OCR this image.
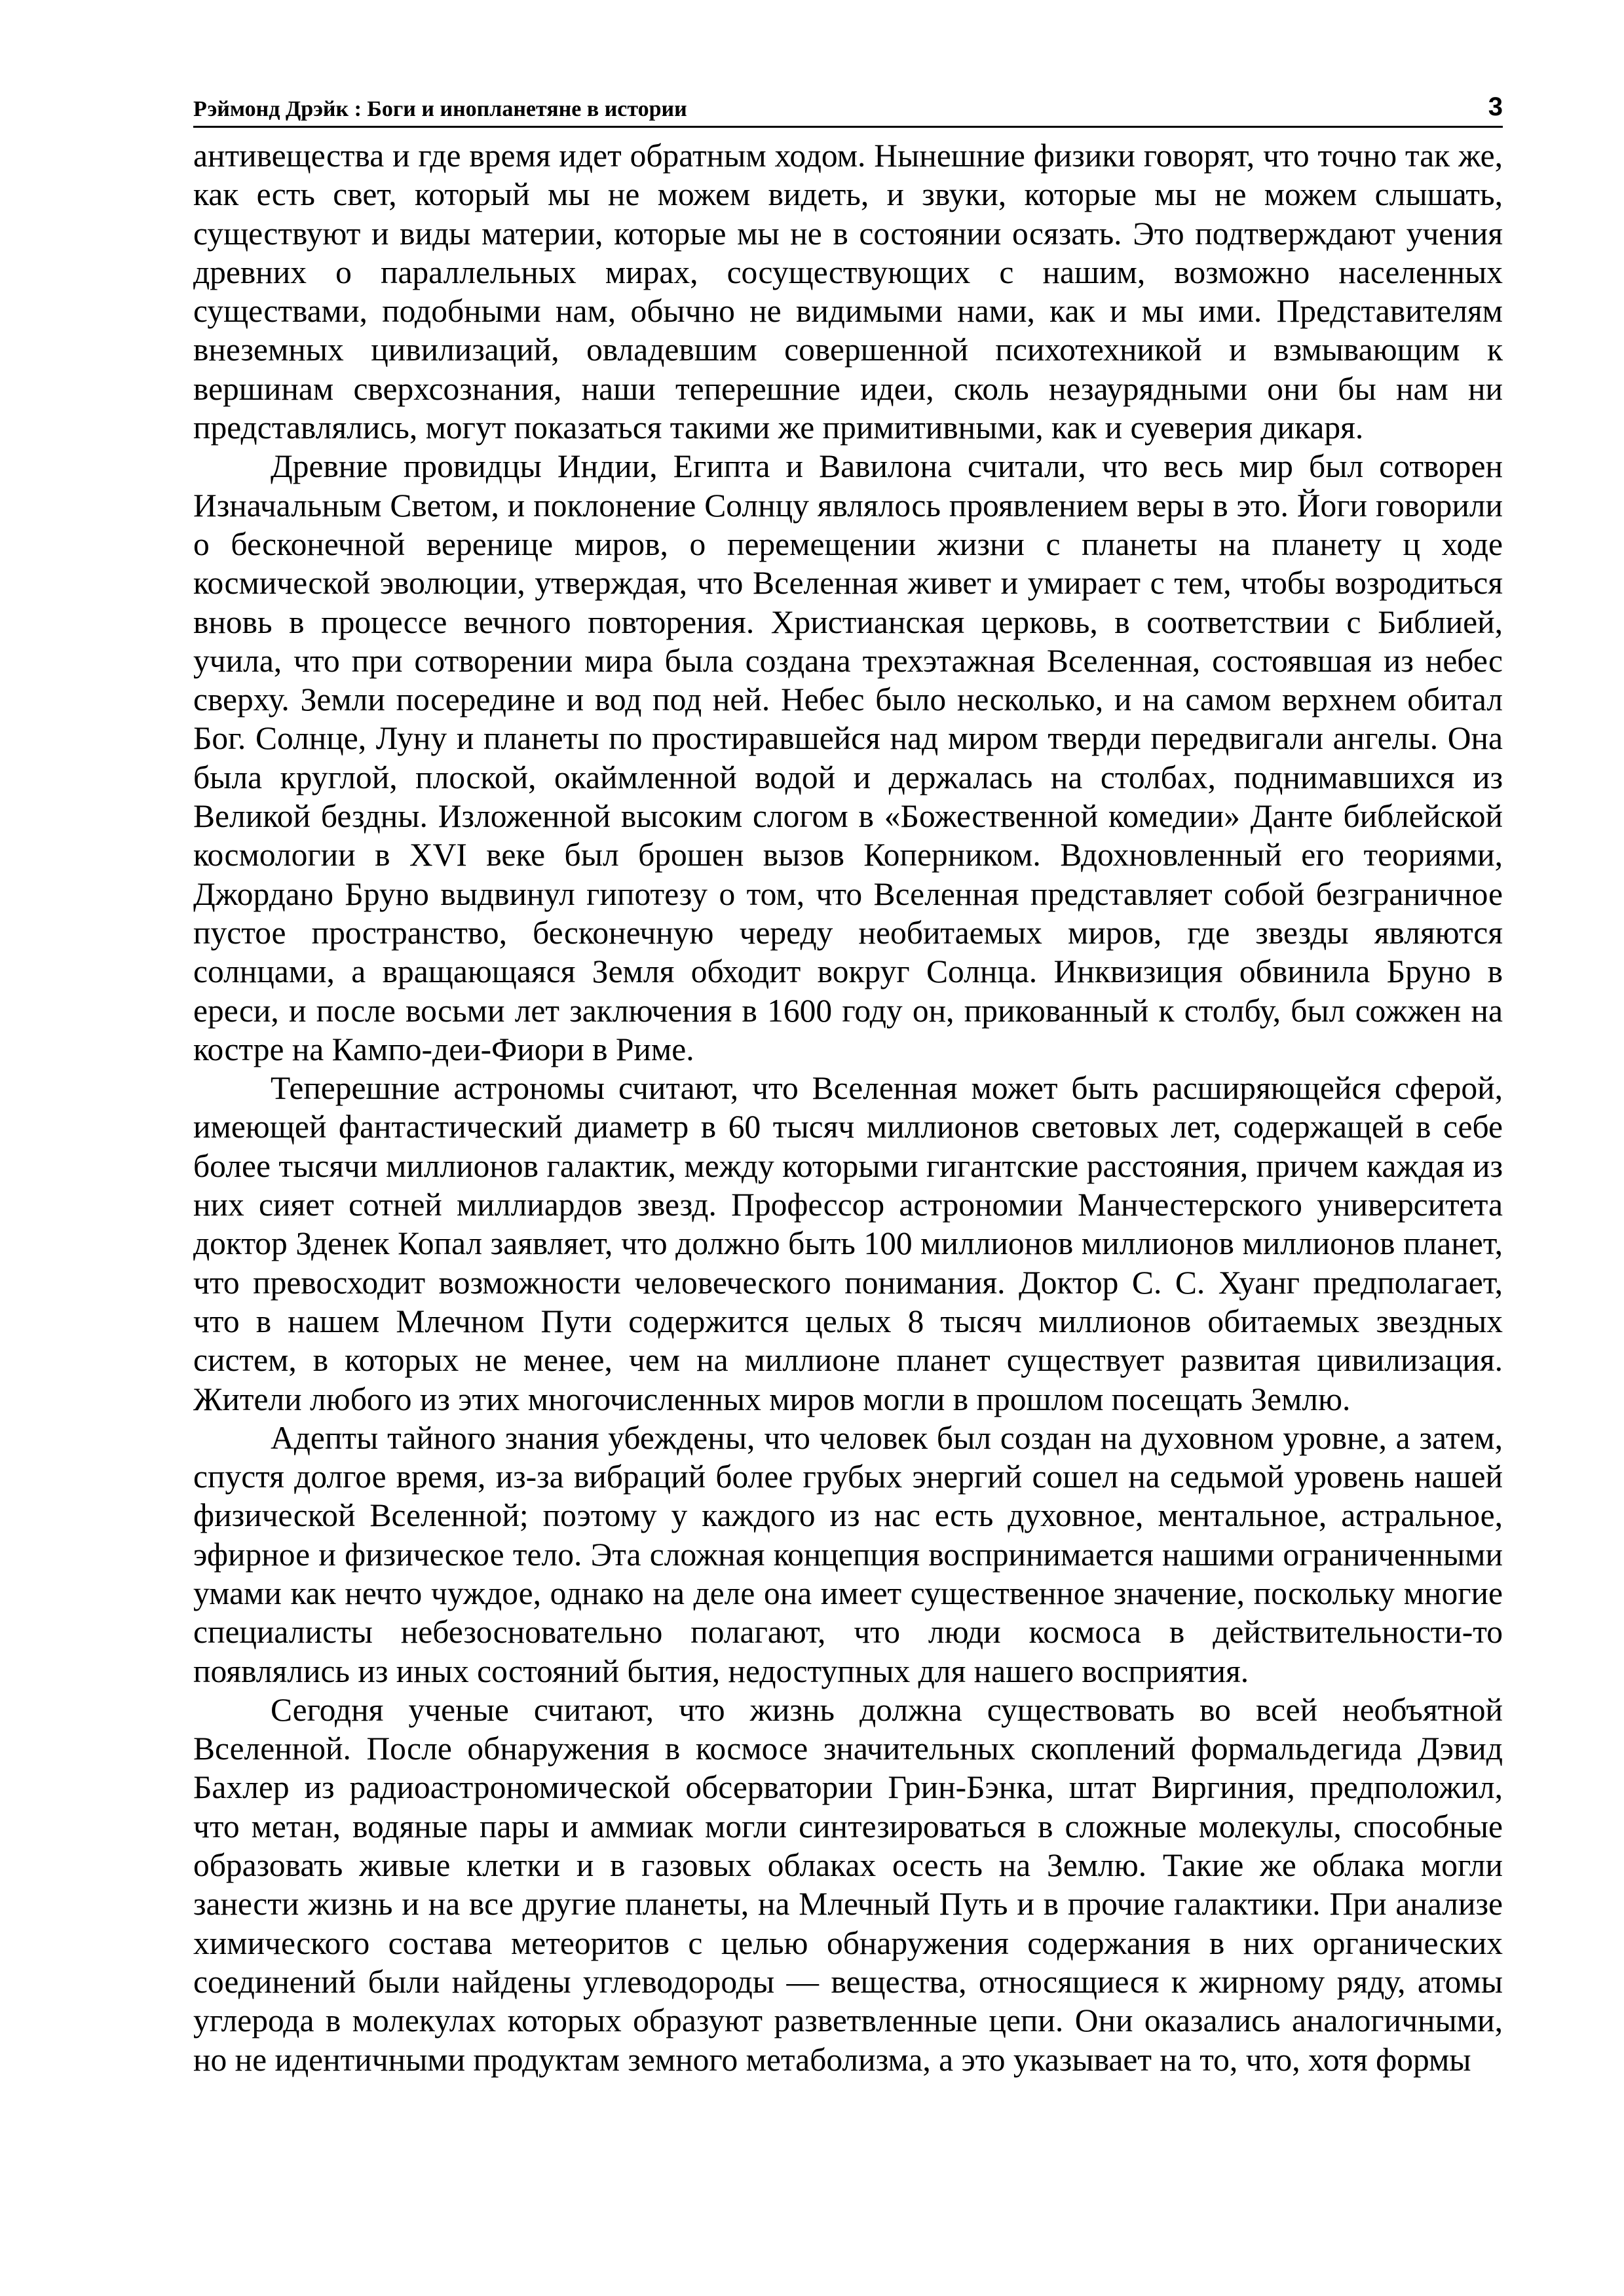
Рэймонд Дрэйк : Боги и инопланетяне в истории	3

антивещества и где время идет обратным ходом. Нынешние физики говорят, что точно так же, как есть свет, который мы не можем видеть, и звуки, которые мы не можем слышать, существуют и виды материи, которые мы не в состоянии осязать. Это подтверждают учения древних о параллельных мирах, сосуществующих с нашим, возможно населенных существами, подобными нам, обычно не видимыми нами, как и мы ими. Представителям внеземных цивилизаций, овладевшим совершенной психотехникой и взмывающим к вершинам сверхсознания, наши теперешние идеи, сколь незаурядными они бы нам ни представлялись, могут показаться такими же примитивными, как и суеверия дикаря.

Древние провидцы Индии, Египта и Вавилона считали, что весь мир был сотворен Изначальным Светом, и поклонение Солнцу являлось проявлением веры в это. Йоги говорили о бесконечной веренице миров, о перемещении жизни с планеты на планету ц ходе космической эволюции, утверждая, что Вселенная живет и умирает с тем, чтобы возродиться вновь в процессе вечного повторения. Христианская церковь, в соответствии с Библией, учила, что при сотворении мира была создана трехэтажная Вселенная, состоявшая из небес сверху. Земли посередине и вод под ней. Небес было несколько, и на самом верхнем обитал Бог. Солнце, Луну и планеты по простиравшейся над миром тверди передвигали ангелы. Она была круглой, плоской, окаймленной водой и держалась на столбах, поднимавшихся из Великой бездны. Изложенной высоким слогом в «Божественной комедии» Данте библейской космологии в XVI веке был брошен вызов Коперником. Вдохновленный его теориями, Джордано Бруно выдвинул гипотезу о том, что Вселенная представляет собой безграничное пустое пространство, бесконечную череду необитаемых миров, где звезды являются солнцами, а вращающаяся Земля обходит вокруг Солнца. Инквизиция обвинила Бруно в ереси, и после восьми лет заключения в 1600 году он, прикованный к столбу, был сожжен на костре на Кампо-деи-Фиори в Риме.

Теперешние астрономы считают, что Вселенная может быть расширяющейся сферой, имеющей фантастический диаметр в 60 тысяч миллионов световых лет, содержащей в себе более тысячи миллионов галактик, между которыми гигантские расстояния, причем каждая из них сияет сотней миллиардов звезд. Профессор астрономии Манчестерского университета доктор Зденек Копал заявляет, что должно быть 100 миллионов миллионов миллионов планет, что превосходит возможности человеческого понимания. Доктор С. С. Хуанг предполагает, что в нашем Млечном Пути содержится целых 8 тысяч миллионов обитаемых звездных систем, в которых не менее, чем на миллионе планет существует развитая цивилизация. Жители любого из этих многочисленных миров могли в прошлом посещать Землю.

Адепты тайного знания убеждены, что человек был создан на духовном уровне, а затем, спустя долгое время, из-за вибраций более грубых энергий сошел на седьмой уровень нашей физической Вселенной; поэтому у каждого из нас есть духовное, ментальное, астральное, эфирное и физическое тело. Эта сложная концепция воспринимается нашими ограниченными умами как нечто чуждое, однако на деле она имеет существенное значение, поскольку многие специалисты небезосновательно полагают, что люди космоса в действительности-то появлялись из иных состояний бытия, недоступных для нашего восприятия.

Сегодня ученые считают, что жизнь должна существовать во всей необъятной Вселенной. После обнаружения в космосе значительных скоплений формальдегида Дэвид Бахлер из радиоастрономической обсерватории Грин-Бэнка, штат Виргиния, предположил, что метан, водяные пары и аммиак могли синтезироваться в сложные молекулы, способные образовать живые клетки и в газовых облаках осесть на Землю. Такие же облака могли занести жизнь и на все другие планеты, на Млечный Путь и в прочие галактики. При анализе химического состава метеоритов с целью обнаружения содержания в них органических соединений были найдены углеводороды — вещества, относящиеся к жирному ряду, атомы углерода в молекулах которых образуют разветвленные цепи. Они оказались аналогичными, но не идентичными продуктам земного метаболизма, а это указывает на то, что, хотя формы
